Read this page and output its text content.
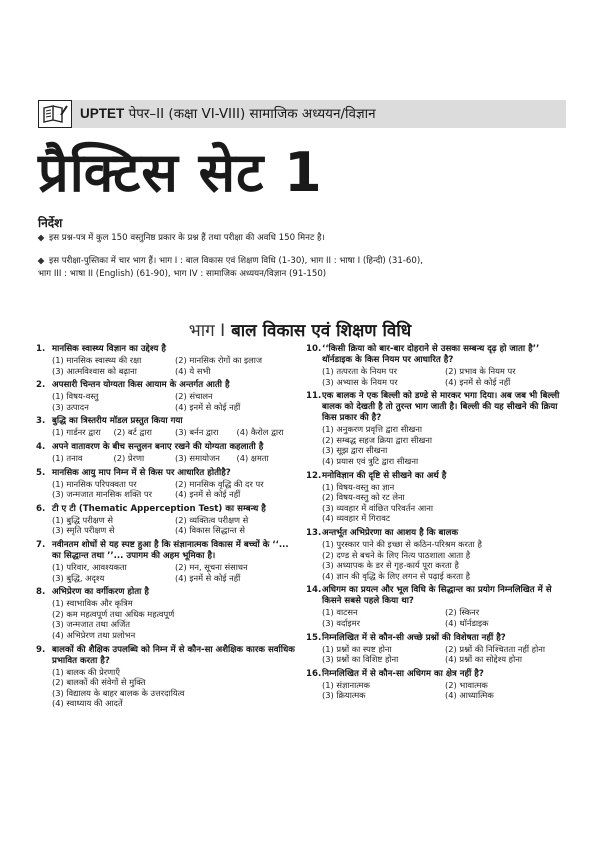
UPTET पेपर–II (कक्षा VI-VIII) सामाजिक अध्ययन/विज्ञान
प्रैक्टिस सेट 1
निर्देश
इस प्रश्न-पत्र में कुल 150 वस्तुनिष्ठ प्रकार के प्रश्न हैं तथा परीक्षा की अवधि 150 मिनट है।
इस परीक्षा-पुस्तिका में चार भाग हैं। भाग I : बाल विकास एवं शिक्षण विधि (1-30), भाग II : भाषा I (हिन्दी) (31-60),
भाग III : भाषा II (English) (61-90), भाग IV : सामाजिक अध्ययन/विज्ञान (91-150)
भाग I बाल विकास एवं शिक्षण विधि
1. मानसिक स्वास्थ्य विज्ञान का उद्देश्य है
(1) मानसिक स्वास्थ्य की रक्षा	(2) मानसिक रोगों का इलाज
(3) आत्मविश्वास को बढ़ाना	(4) ये सभी
2. अपसारी चिन्तन योग्यता किस आयाम के अन्तर्गत आती है
(1) विषय-वस्तु	(2) संचालन
(3) उत्पादन	(4) इनमें से कोई नहीं
3. बुद्धि का त्रिस्तरीय मॉडल प्रस्तुत किया गया
(1) गार्डनर द्वारा	(2) बर्ट द्वारा	(3) बर्नन द्वारा	(4) कैरोल द्वारा
4. अपने वातावरण के बीच सन्तुलन बनाए रखने की योग्यता कहलाती है
(1) तनाव	(2) प्रेरणा	(3) समायोजन	(4) क्षमता
5. मानसिक आयु माप निम्न में से किस पर आधारित होतीहै?
(1) मानसिक परिपक्वता पर	(2) मानसिक वृद्धि की दर पर
(3) जन्मजात मानसिक शक्ति पर	(4) इनमें से कोई नहीं
6. टी ए टी (Thematic Apperception Test) का सम्बन्ध है
(1) बुद्धि परीक्षण से	(2) व्यक्तित्व परीक्षण से
(3) स्मृति परीक्षण से	(4) विकास सिद्धान्त से
7. नवीनतम शोधों से यह स्पष्ट हुआ है कि संज्ञानात्मक विकास में बच्चों के ‘‘... का सिद्धान्त तथा ’’... उपागम की अहम भूमिका है।
(1) परिवार, आवश्यकता	(2) मन, सूचना संसाधन
(3) बुद्धि, अदृश्य	(4) इनमें से कोई नहीं
8. अभिप्रेरण का वर्गीकरण होता है
(1) स्वाभाविक और कृत्रिम
(2) कम महत्वपूर्ण तथा अधिक महत्वपूर्ण
(3) जन्मजात तथा अर्जित
(4) अभिप्रेरण तथा प्रलोभन
9. बालकों की शैक्षिक उपलब्धि को निम्न में से कौन-सा अशैक्षिक कारक सर्वाधिक प्रभावित करता है?
(1) बालक की प्रेरणाएँ
(2) बालकों की संवेगों से मुक्ति
(3) विद्यालय के बाहर बालक के उत्तरदायित्व
(4) स्वाध्याय की आदतें
10. ‘‘किसी क्रिया को बार-बार दोहराने से उसका सम्बन्ध दृढ़ हो जाता है’’ थॉर्नडाइक के किस नियम पर आधारित है?
(1) तत्परता के नियम पर	(2) प्रभाव के नियम पर
(3) अभ्यास के नियम पर	(4) इनमें से कोई नहीं
11. एक बालक ने एक बिल्ली को डण्डे से मारकर भगा दिया। अब जब भी बिल्ली बालक को देखती है तो तुरन्त भाग जाती है। बिल्ली की यह सीखने की क्रिया किस प्रकार की है?
(1) अनुकरण प्रवृत्ति द्वारा सीखना
(2) सम्बद्ध सहज क्रिया द्वारा सीखना
(3) सूझ द्वारा सीखना
(4) प्रयास एवं त्रुटि द्वारा सीखना
12. मनोविज्ञान की दृष्टि से सीखने का अर्थ है
(1) विषय-वस्तु का ज्ञान
(2) विषय-वस्तु को रट लेना
(3) व्यवहार में वांछित परिवर्तन आना
(4) व्यवहार में गिरावट
13. अन्तर्भूत अभिप्रेरणा का आशय है कि बालक
(1) पुरस्कार पाने की इच्छा से कठिन-परिश्रम करता है
(2) दण्ड से बचने के लिए नित्य पाठशाला आता है
(3) अध्यापक के डर से गृह-कार्य पूरा करता है
(4) ज्ञान की वृद्धि के लिए लगन से पढ़ाई करता है
14. अधिगम का प्रयत्न और भूल विधि के सिद्धान्त का प्रयोग निम्नलिखित में से किसने सबसे पहले किया था?
(1) वाटसन	(2) स्किनर
(3) वर्दाइमर	(4) थॉर्नडाइक
15. निम्नलिखित में से कौन-सी अच्छे प्रश्नों की विशेषता नहीं है?
(1) प्रश्नों का स्पष्ट होना	(2) प्रश्नों की निश्चितता नहीं होना
(3) प्रश्नों का विशिष्ट होना	(4) प्रश्नों का सोद्देश्य होना
16. निम्नलिखित में से कौन-सा अधिगम का क्षेत्र नहीं है?
(1) संज्ञानात्मक	(2) भावात्मक
(3) क्रियात्मक	(4) आध्यात्मिक
